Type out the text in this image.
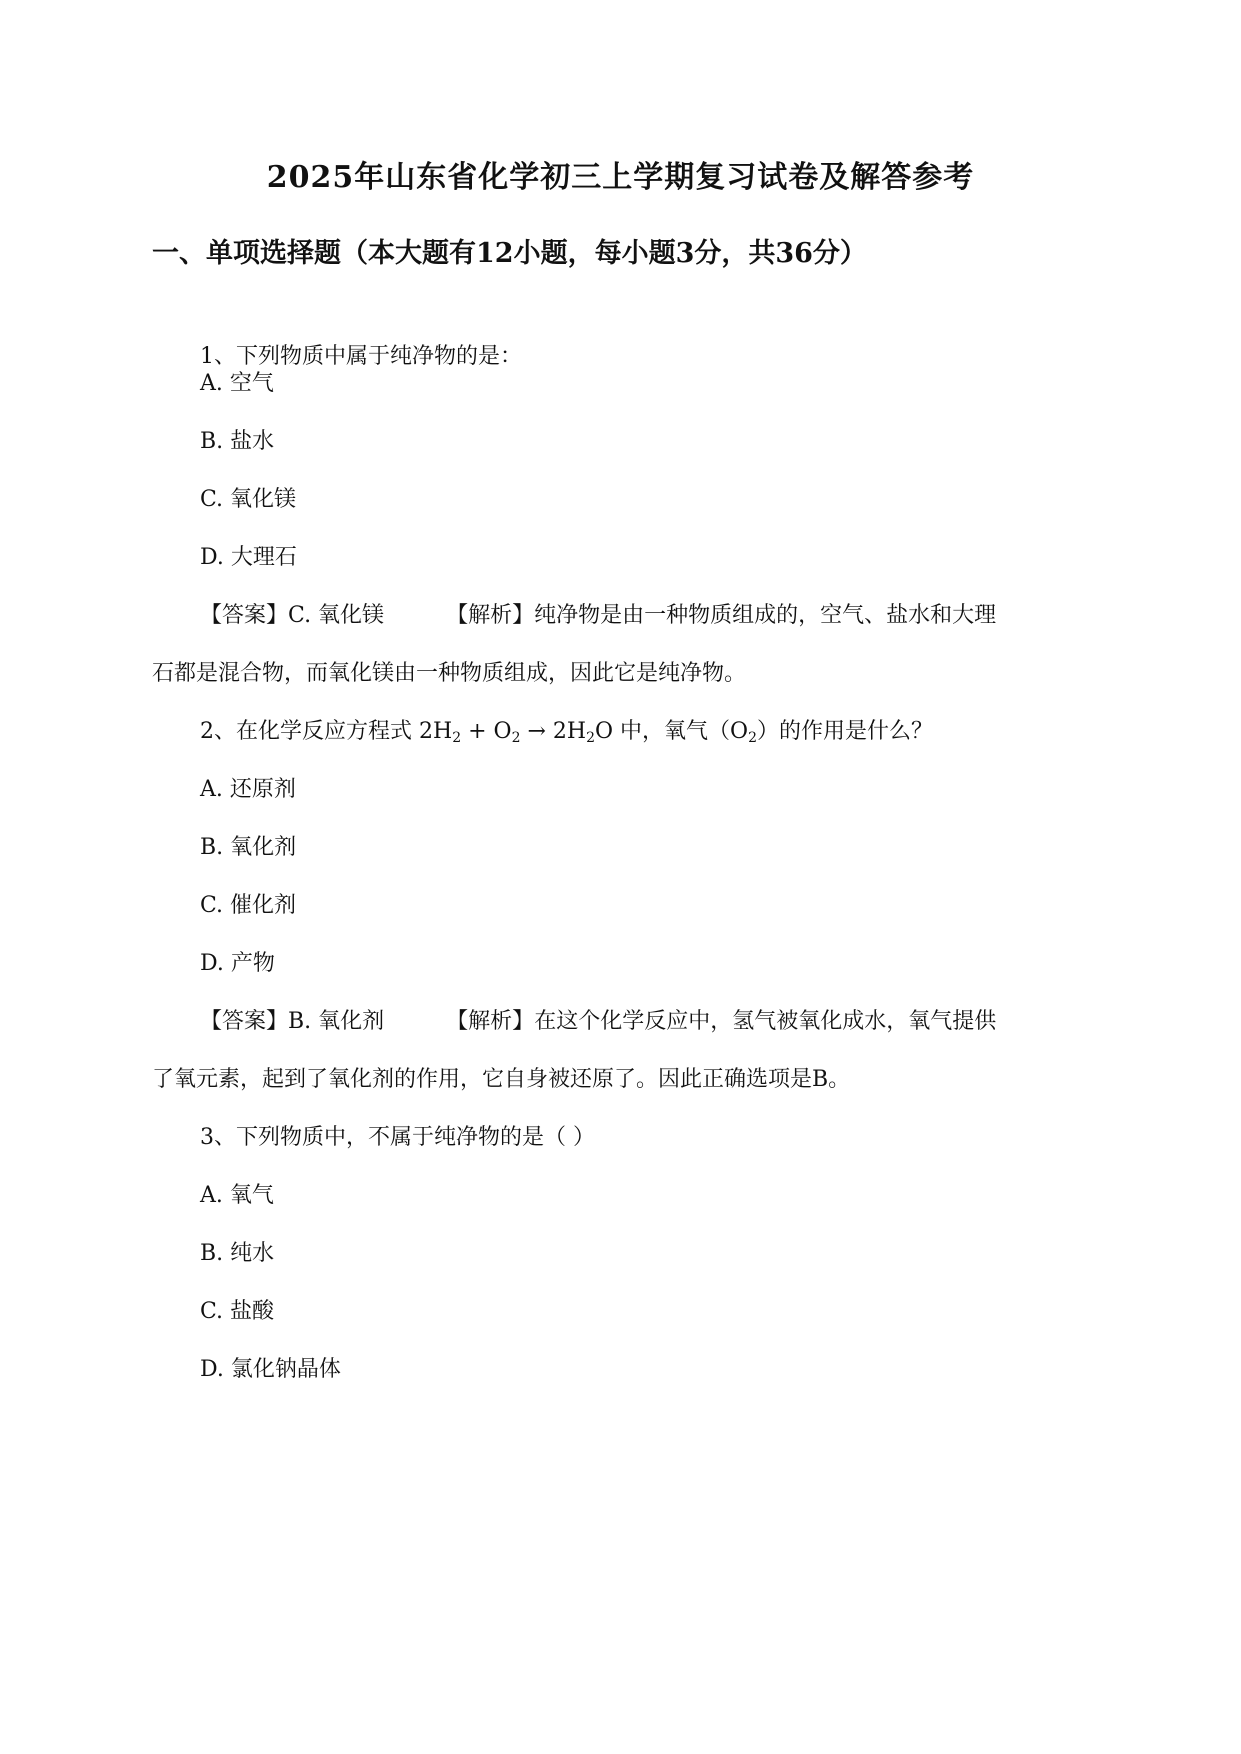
2025年山东省化学初三上学期复习试卷及解答参考
一、单项选择题（本大题有12小题，每小题3分，共36分）
1、下列物质中属于纯净物的是：
A. 空气
B. 盐水
C. 氧化镁
D. 大理石
【答案】C. 氧化镁	【解析】纯净物是由一种物质组成的，空气、盐水和大理
石都是混合物，而氧化镁由一种物质组成，因此它是纯净物。
2、在化学反应方程式 $2H_2 + O_2 \to 2H_2O$ 中，氧气$(O_2)$的作用是什么？
A. 还原剂
B. 氧化剂
C. 催化剂
D. 产物
【答案】B. 氧化剂	【解析】在这个化学反应中，氢气被氧化成水，氧气提供
了氧元素，起到了氧化剂的作用，它自身被还原了。因此正确选项是B。
3、下列物质中，不属于纯净物的是（ ）
A. 氧气
B. 纯水
C. 盐酸
D. 氯化钠晶体
